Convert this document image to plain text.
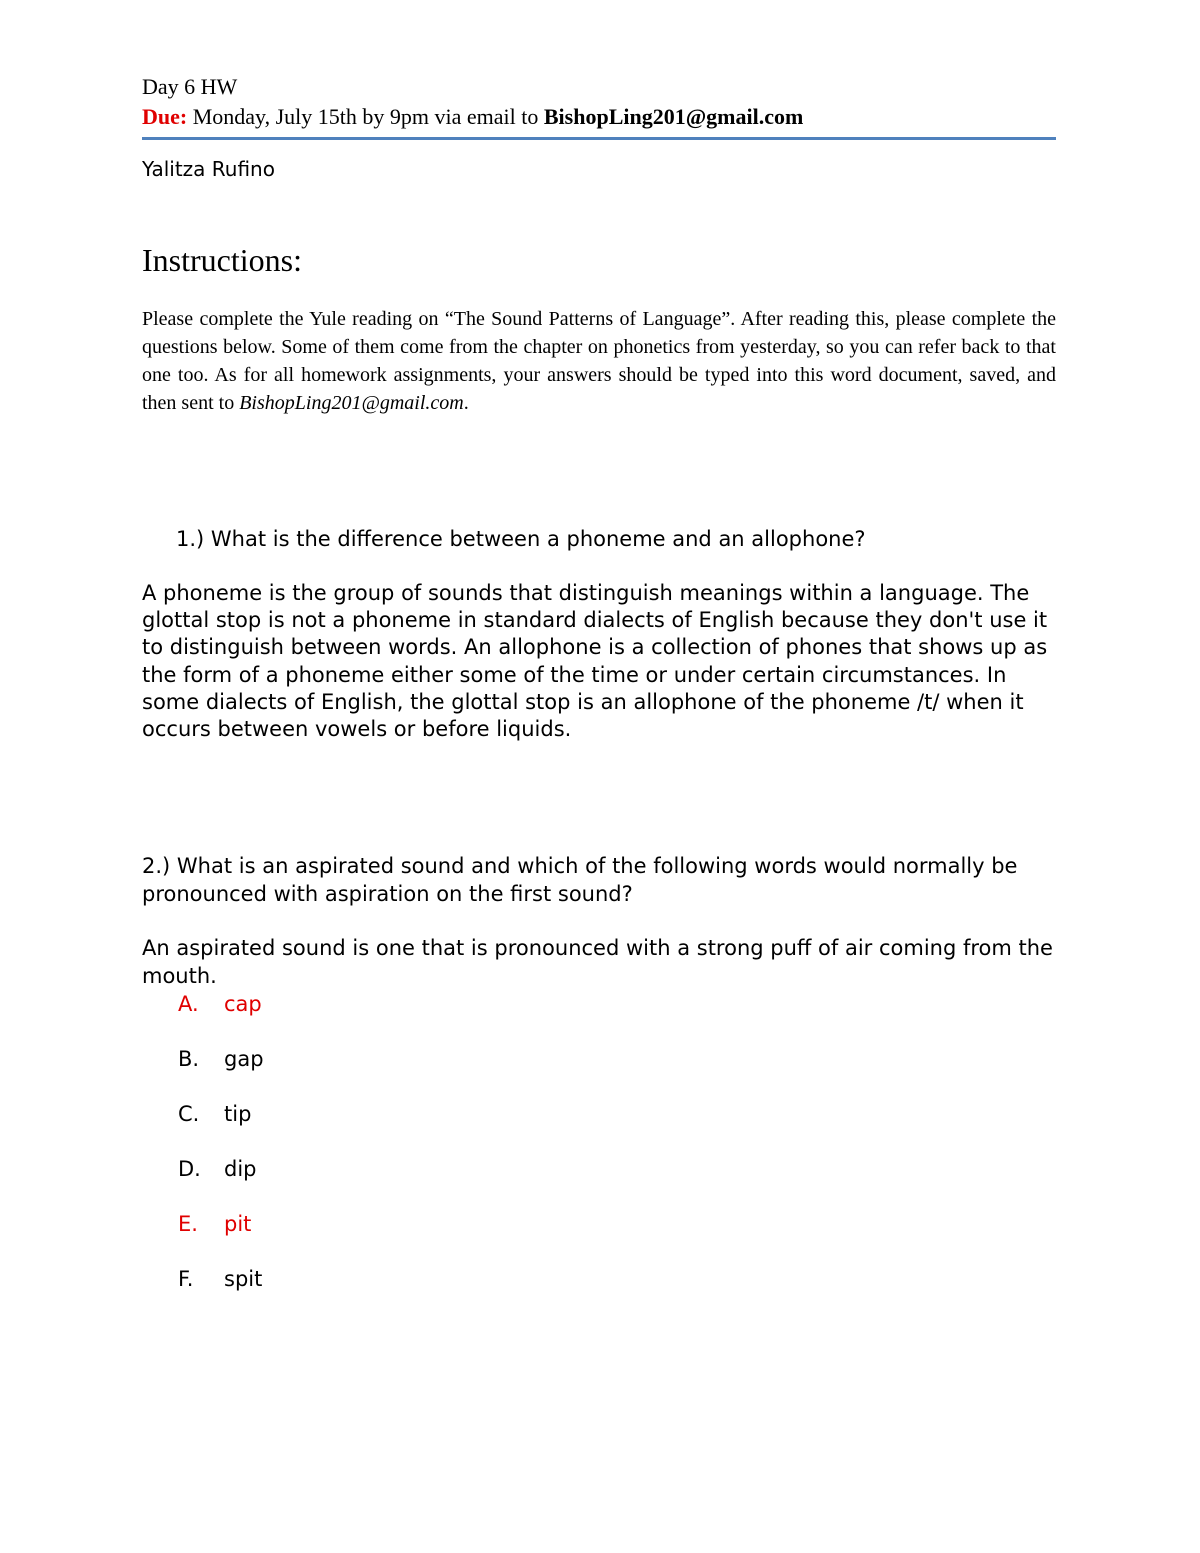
Day 6 HW
Due: Monday, July 15th by 9pm via email to BishopLing201@gmail.com
Yalitza Rufino
Instructions:
Please complete the Yule reading on “The Sound Patterns of Language”. After reading this, please complete the questions below. Some of them come from the chapter on phonetics from yesterday, so you can refer back to that one too. As for all homework assignments, your answers should be typed into this word document, saved, and then sent to BishopLing201@gmail.com.
1.) What is the difference between a phoneme and an allophone?
A phoneme is the group of sounds that distinguish meanings within a language. The glottal stop is not a phoneme in standard dialects of English because they don't use it to distinguish between words. An allophone is a collection of phones that shows up as the form of a phoneme either some of the time or under certain circumstances. In some dialects of English, the glottal stop is an allophone of the phoneme /t/ when it occurs between vowels or before liquids.
2.) What is an aspirated sound and which of the following words would normally be pronounced with aspiration on the first sound?
An aspirated sound is one that is pronounced with a strong puff of air coming from the mouth.
A.	cap
B.	gap
C.	tip
D.	dip
E.	pit
F.	spit
